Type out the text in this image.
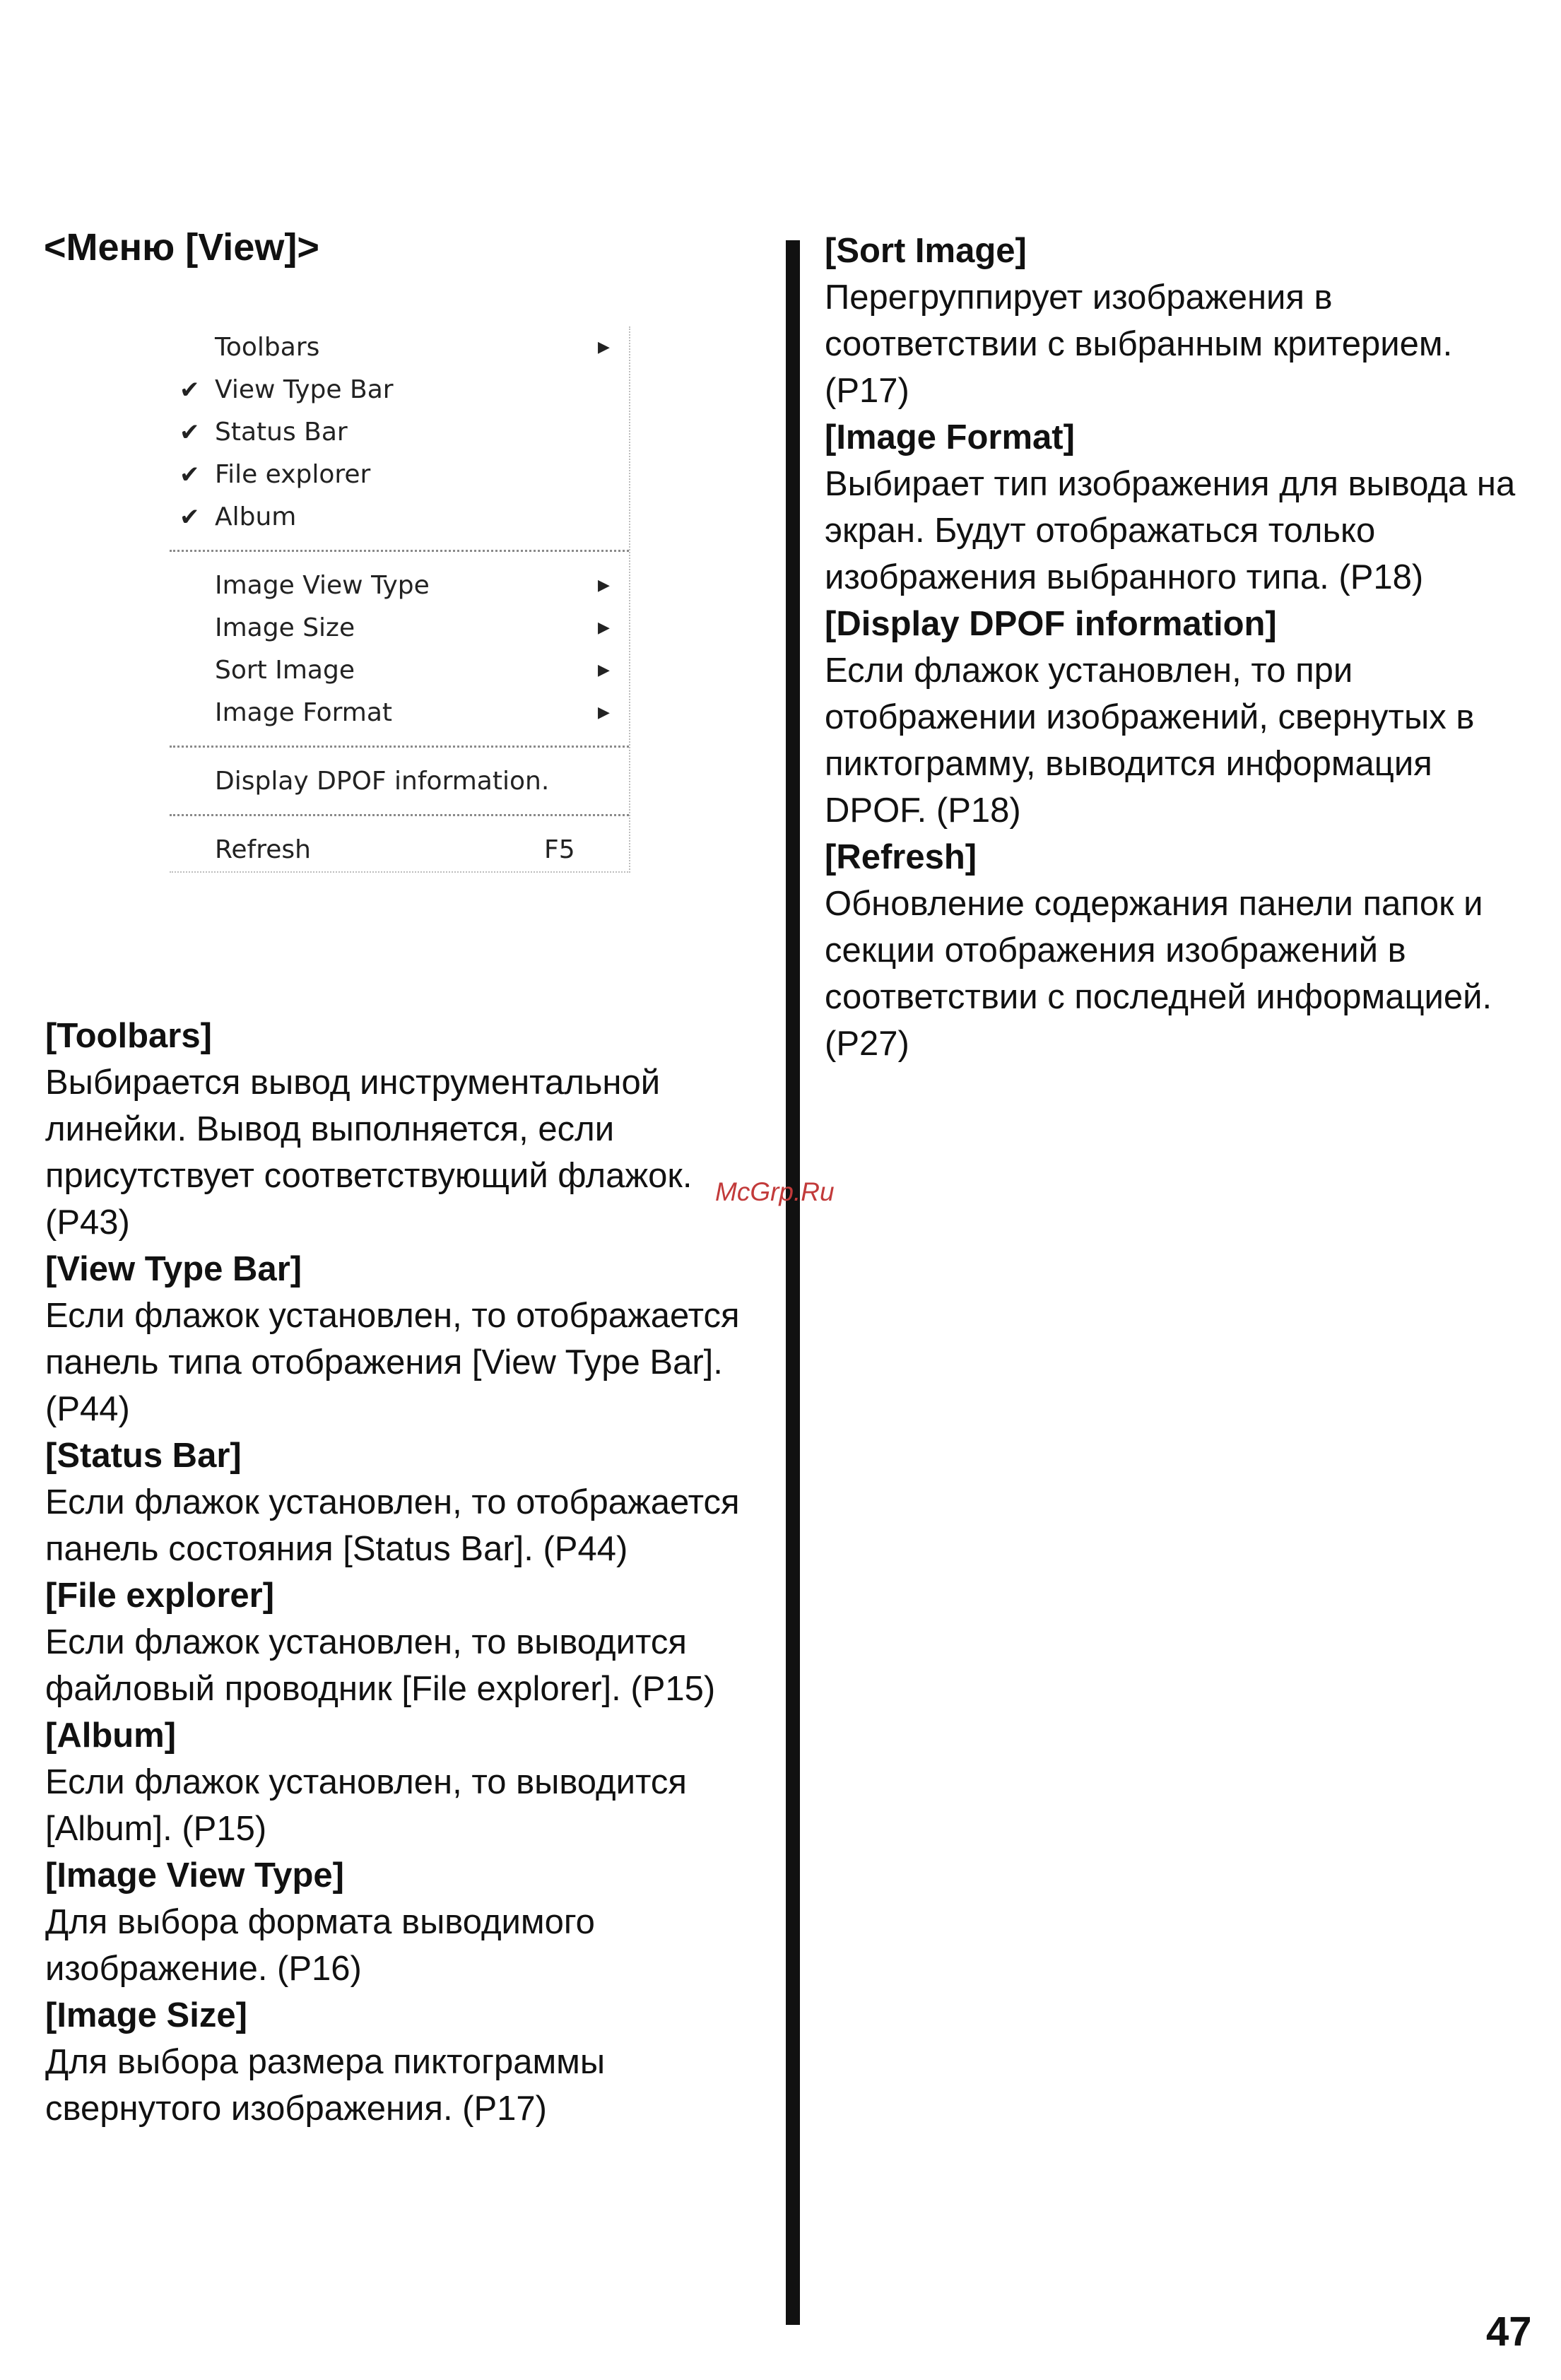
<Меню [View]>
Toolbars	▶
✔ View Type Bar
✔ Status Bar
✔ File explorer
✔ Album
Image View Type	▶
Image Size	▶
Sort Image	▶
Image Format	▶
Display DPOF information.
Refresh	F5
[Toolbars]
Выбирается вывод инструментальной линейки. Вывод выполняется, если присутствует соответствующий флажок. (P43)
[View Type Bar]
Если флажок установлен, то отображается панель типа отображения [View Type Bar]. (P44)
[Status Bar]
Если флажок установлен, то отображается панель состояния [Status Bar]. (P44)
[File explorer]
Если флажок установлен, то выводится файловый проводник [File explorer]. (P15)
[Album]
Если флажок установлен, то выводится [Album]. (P15)
[Image View Type]
Для выбора формата выводимого изображение. (P16)
[Image Size]
Для выбора размера пиктограммы свернутого изображения. (P17)
[Sort Image]
Перегруппирует изображения в соответствии с выбранным критерием. (P17)
[Image Format]
Выбирает тип изображения для вывода на экран. Будут отображаться только изображения выбранного типа. (P18)
[Display DPOF information]
Если флажок установлен, то при отображении изображений, свернутых в пиктограмму, выводится информация DPOF. (P18)
[Refresh]
Обновление содержания панели папок и секции отображения изображений в соответствии с последней информацией. (P27)
McGrp.Ru
47
